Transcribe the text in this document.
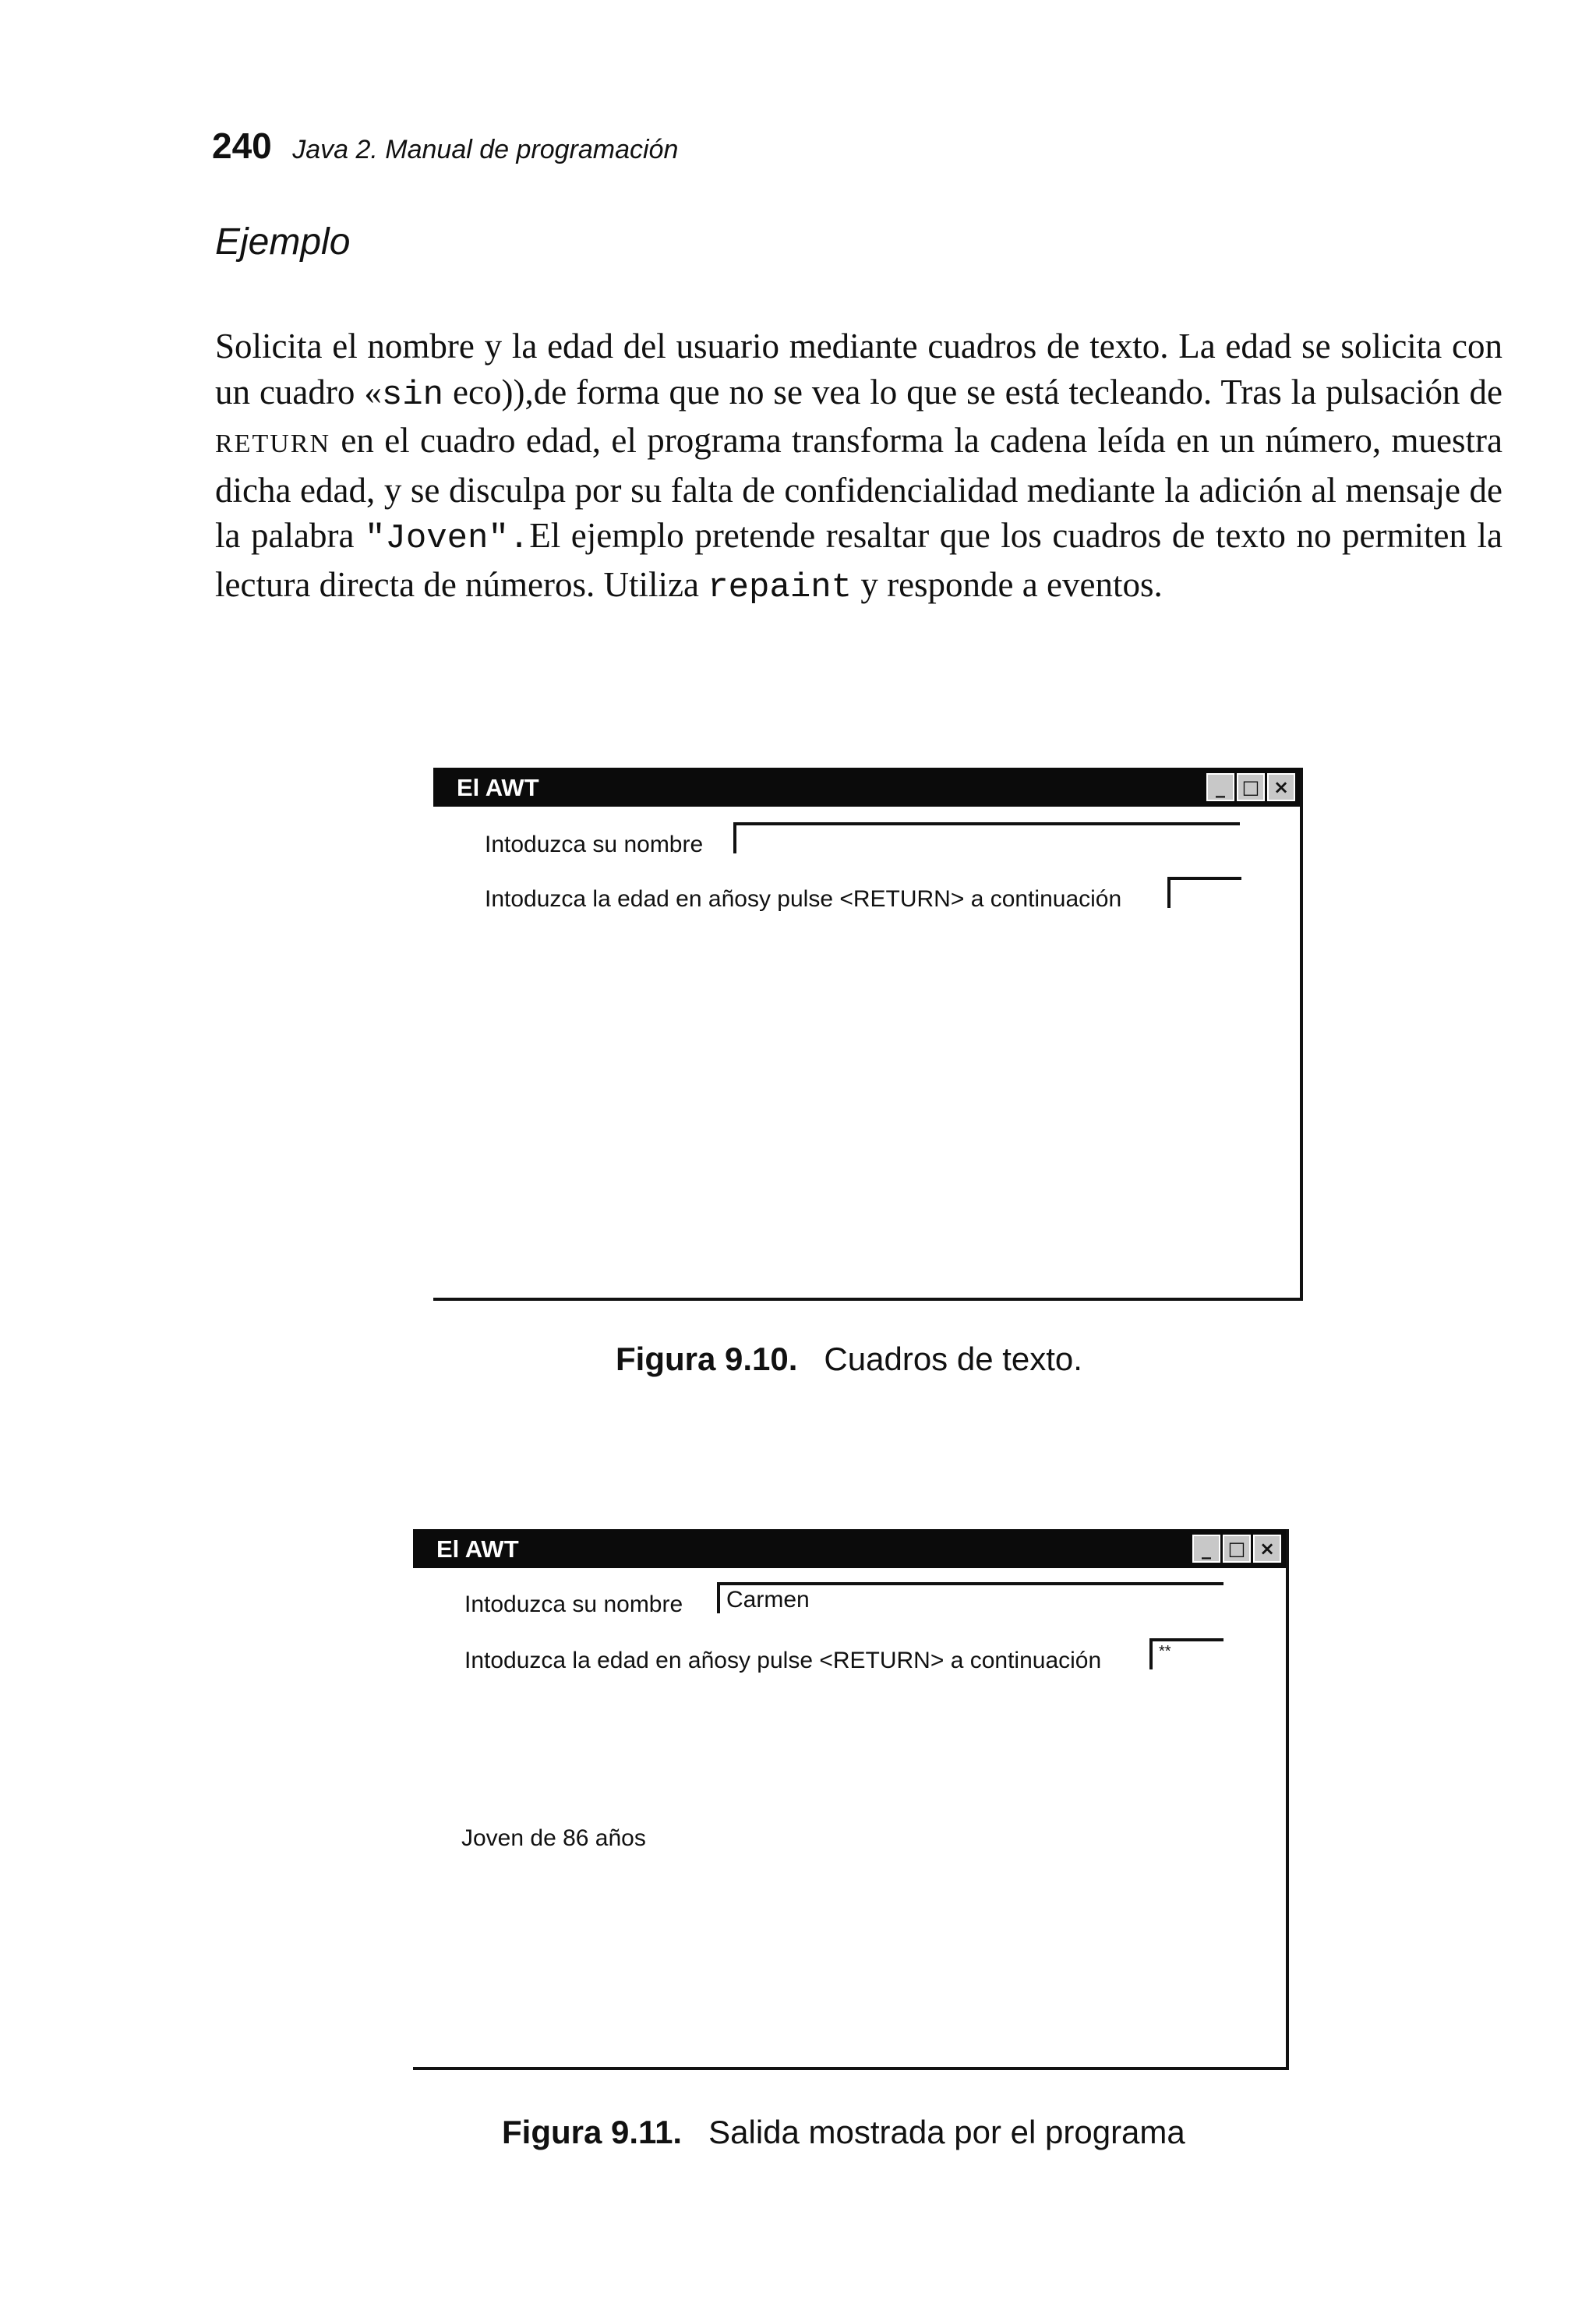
240 Java 2. Manual de programación
Ejemplo

Solicita el nombre y la edad del usuario mediante cuadros de texto. La edad se solicita con un cuadro «sin eco)),de forma que no se vea lo que se está tecleando. Tras la pulsación de RETURN en el cuadro edad, el programa transforma la cadena leída en un número, muestra dicha edad, y se disculpa por su falta de confidencialidad mediante la adición al mensaje de la palabra "Joven".El ejemplo pretende resaltar que los cuadros de texto no permiten la lectura directa de números. Utiliza repaint y responde a eventos.

El AWT	_ □ ×
Intoduzca su nombre
Intoduzca la edad en añosy pulse <RETURN> a continuación
Figura 9.10. Cuadros de texto.
El AWT	_ □ ×
Intoduzca su nombre	Carmen
Intoduzca la edad en añosy pulse <RETURN> a continuación	**
Joven de 86 años
Figura 9.11. Salida mostrada por el programa
